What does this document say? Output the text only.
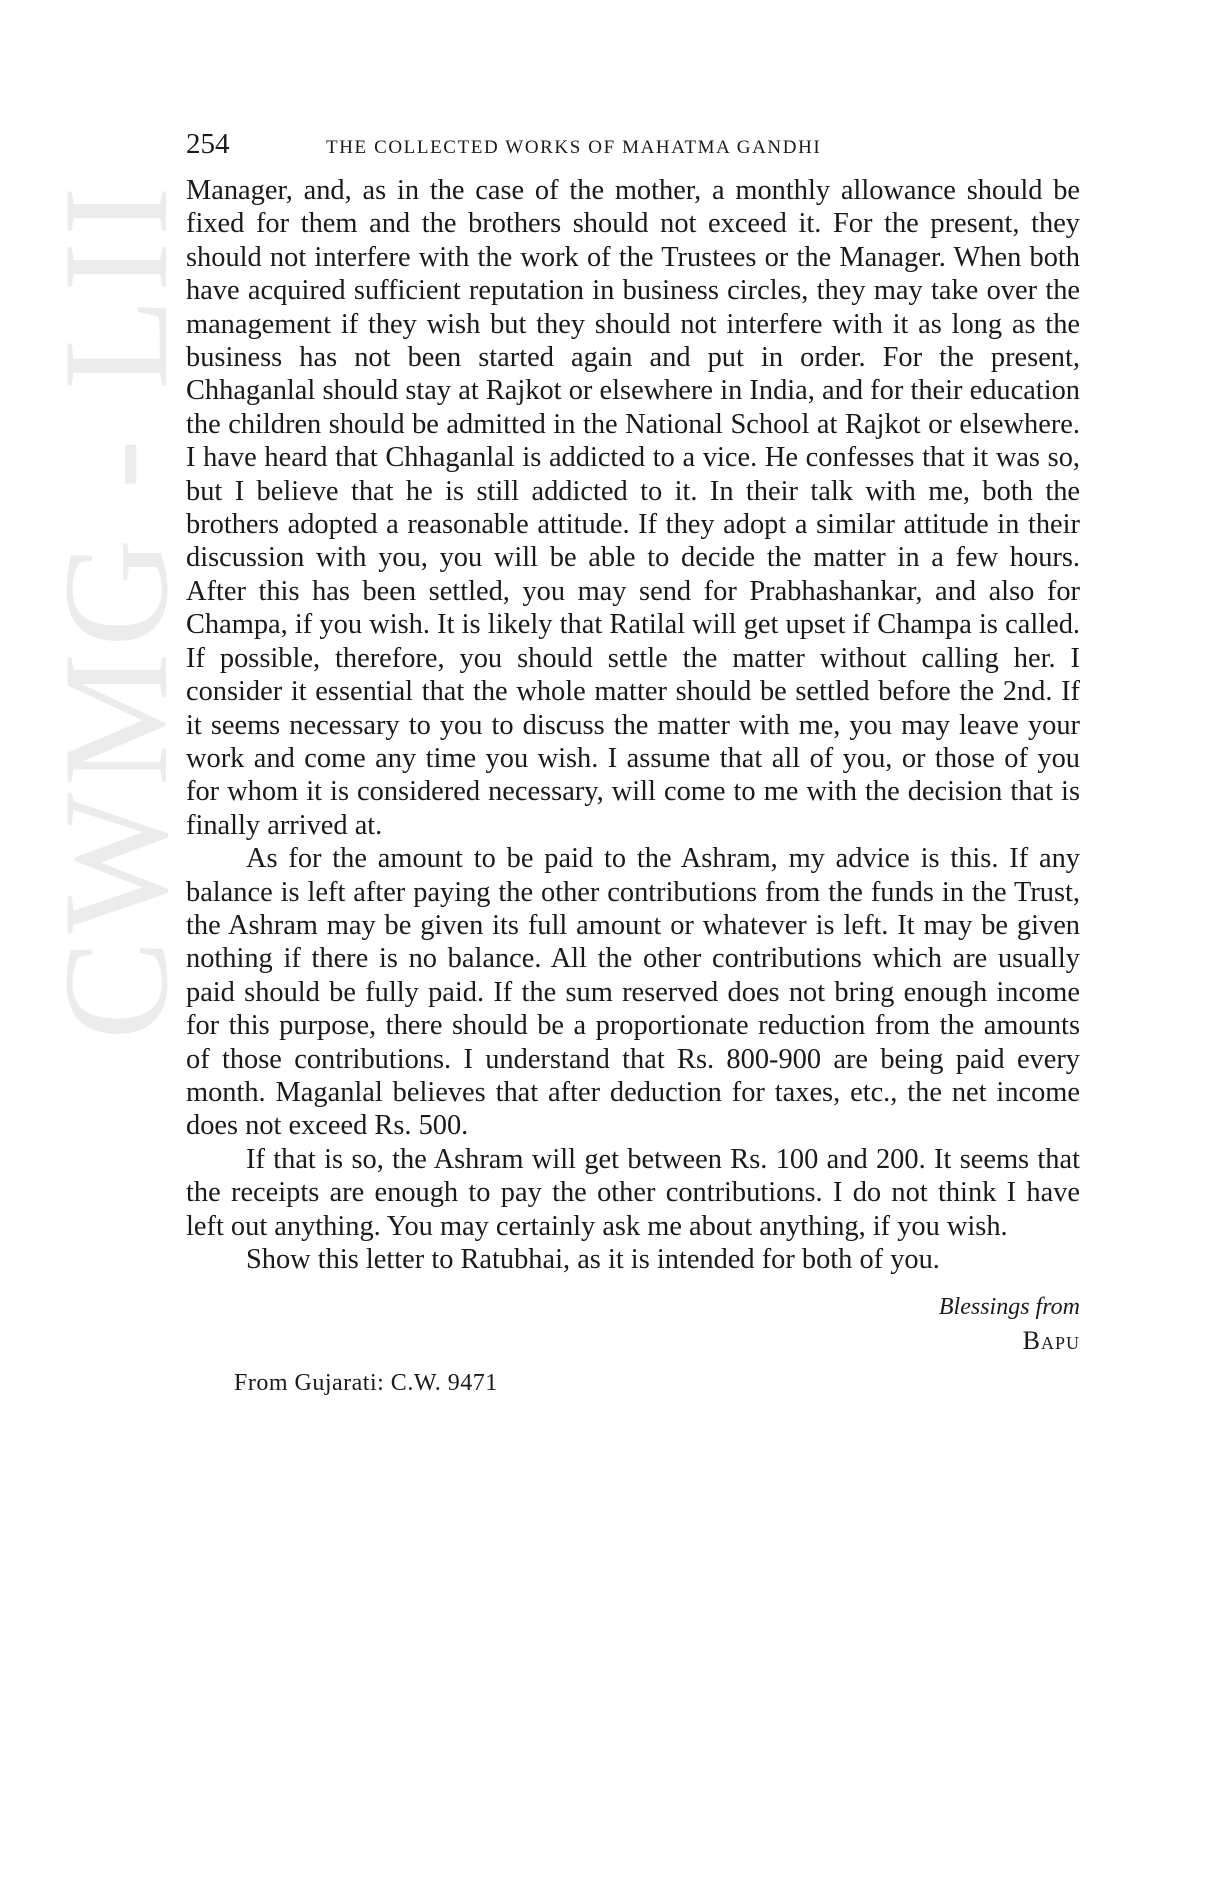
CWMG - LII
254	THE COLLECTED WORKS OF MAHATMA GANDHI

Manager, and, as in the case of the mother, a monthly allowance should be fixed for them and the brothers should not exceed it. For the present, they should not interfere with the work of the Trustees or the Manager. When both have acquired sufficient reputation in business circles, they may take over the management if they wish but they should not interfere with it as long as the business has not been started again and put in order. For the present, Chhaganlal should stay at Rajkot or elsewhere in India, and for their education the children should be admitted in the National School at Rajkot or elsewhere. I have heard that Chhaganlal is addicted to a vice. He confesses that it was so, but I believe that he is still addicted to it. In their talk with me, both the brothers adopted a reasonable attitude. If they adopt a similar attitude in their discussion with you, you will be able to decide the matter in a few hours. After this has been settled, you may send for Prabhashankar, and also for Champa, if you wish. It is likely that Ratilal will get upset if Champa is called. If possible, therefore, you should settle the matter without calling her. I consider it essential that the whole matter should be settled before the 2nd. If it seems necessary to you to discuss the matter with me, you may leave your work and come any time you wish. I assume that all of you, or those of you for whom it is considered necessary, will come to me with the decision that is finally arrived at.

As for the amount to be paid to the Ashram, my advice is this. If any balance is left after paying the other contributions from the funds in the Trust, the Ashram may be given its full amount or whatever is left. It may be given nothing if there is no balance. All the other contributions which are usually paid should be fully paid. If the sum reserved does not bring enough income for this purpose, there should be a proportionate reduction from the amounts of those contributions. I understand that Rs. 800-900 are being paid every month. Maganlal believes that after deduction for taxes, etc., the net income does not exceed Rs. 500.

If that is so, the Ashram will get between Rs. 100 and 200. It seems that the receipts are enough to pay the other contributions. I do not think I have left out anything. You may certainly ask me about anything, if you wish.

Show this letter to Ratubhai, as it is intended for both of you.

Blessings from
Bapu
From Gujarati: C.W. 9471
